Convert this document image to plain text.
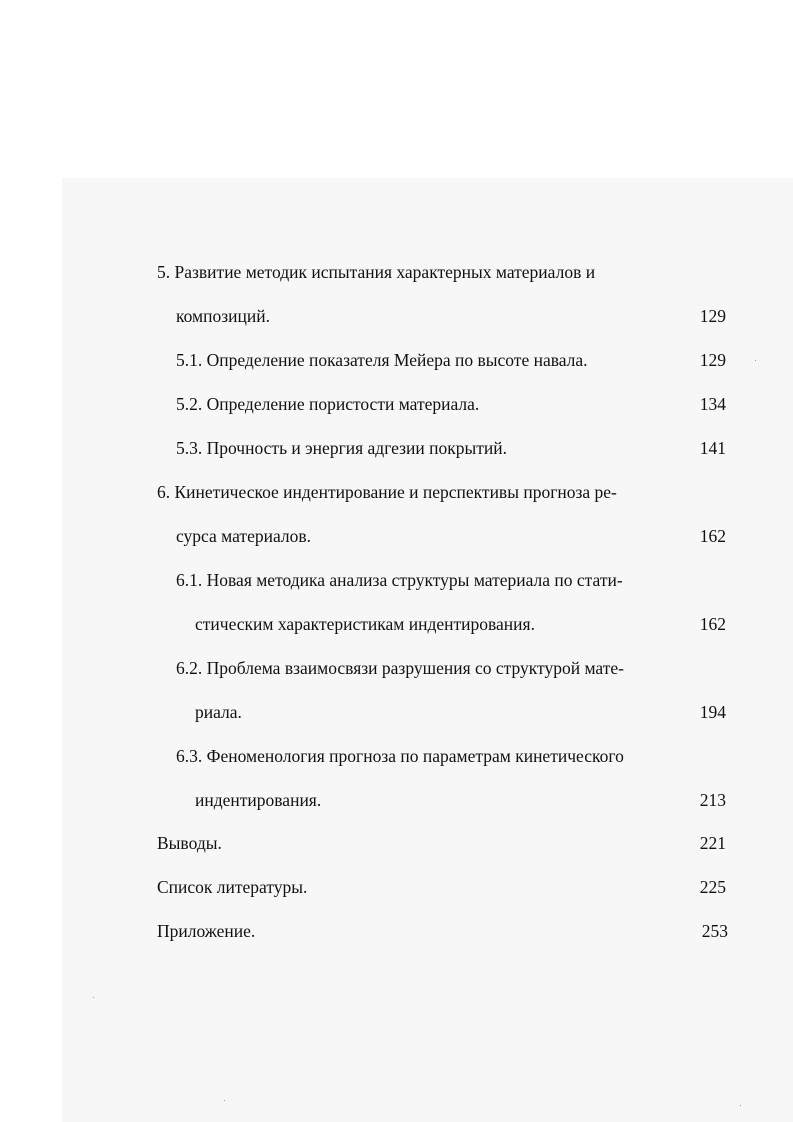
5. Развитие методик испытания характерных материалов и
композиций.	129
5.1. Определение показателя Мейера по высоте навала.	129
5.2. Определение пористости материала.	134
5.3. Прочность и энергия адгезии покрытий.	141
6. Кинетическое индентирование и перспективы прогноза ре-
сурса материалов.	162
6.1. Новая методика анализа структуры материала по стати-
стическим характеристикам индентирования.	162
6.2. Проблема взаимосвязи разрушения со структурой мате-
риала.	194
6.3. Феноменология прогноза по параметрам кинетического
индентирования.	213
Выводы.	221
Список литературы.	225
Приложение.	253
